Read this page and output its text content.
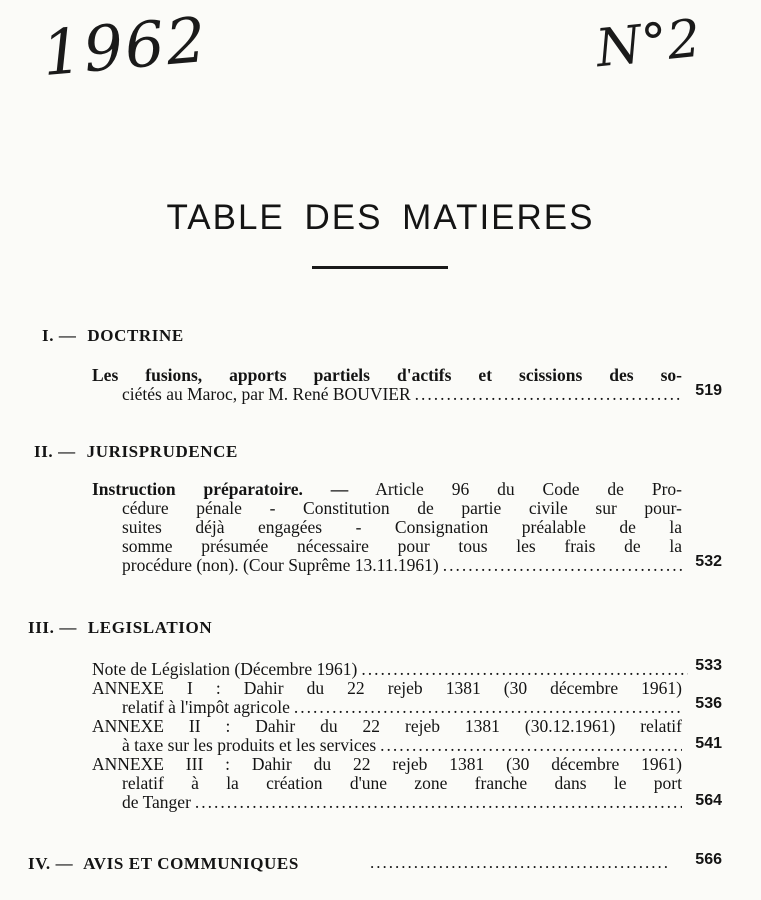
1962	N°2
TABLE DES MATIERES
I. — DOCTRINE
Les fusions, apports partiels d'actifs et scissions des so-
ciétés au Maroc, par M. René BOUVIER .....	519
II. — JURISPRUDENCE
Instruction préparatoire. — Article 96 du Code de Pro-
cédure pénale - Constitution de partie civile sur pour-
suites déjà engagées - Consignation préalable de la
somme présumée nécessaire pour tous les frais de la
procédure (non). (Cour Suprême 13.11.1961) .....	532
III. — LEGISLATION
Note de Législation (Décembre 1961) .....	533
ANNEXE I : Dahir du 22 rejeb 1381 (30 décembre 1961)
relatif à l'impôt agricole .....	536
ANNEXE II : Dahir du 22 rejeb 1381 (30.12.1961) relatif
à taxe sur les produits et les services .....	541
ANNEXE III : Dahir du 22 rejeb 1381 (30 décembre 1961)
relatif à la création d'une zone franche dans le port
de Tanger .....	564
IV. — AVIS ET COMMUNIQUES .....	566
